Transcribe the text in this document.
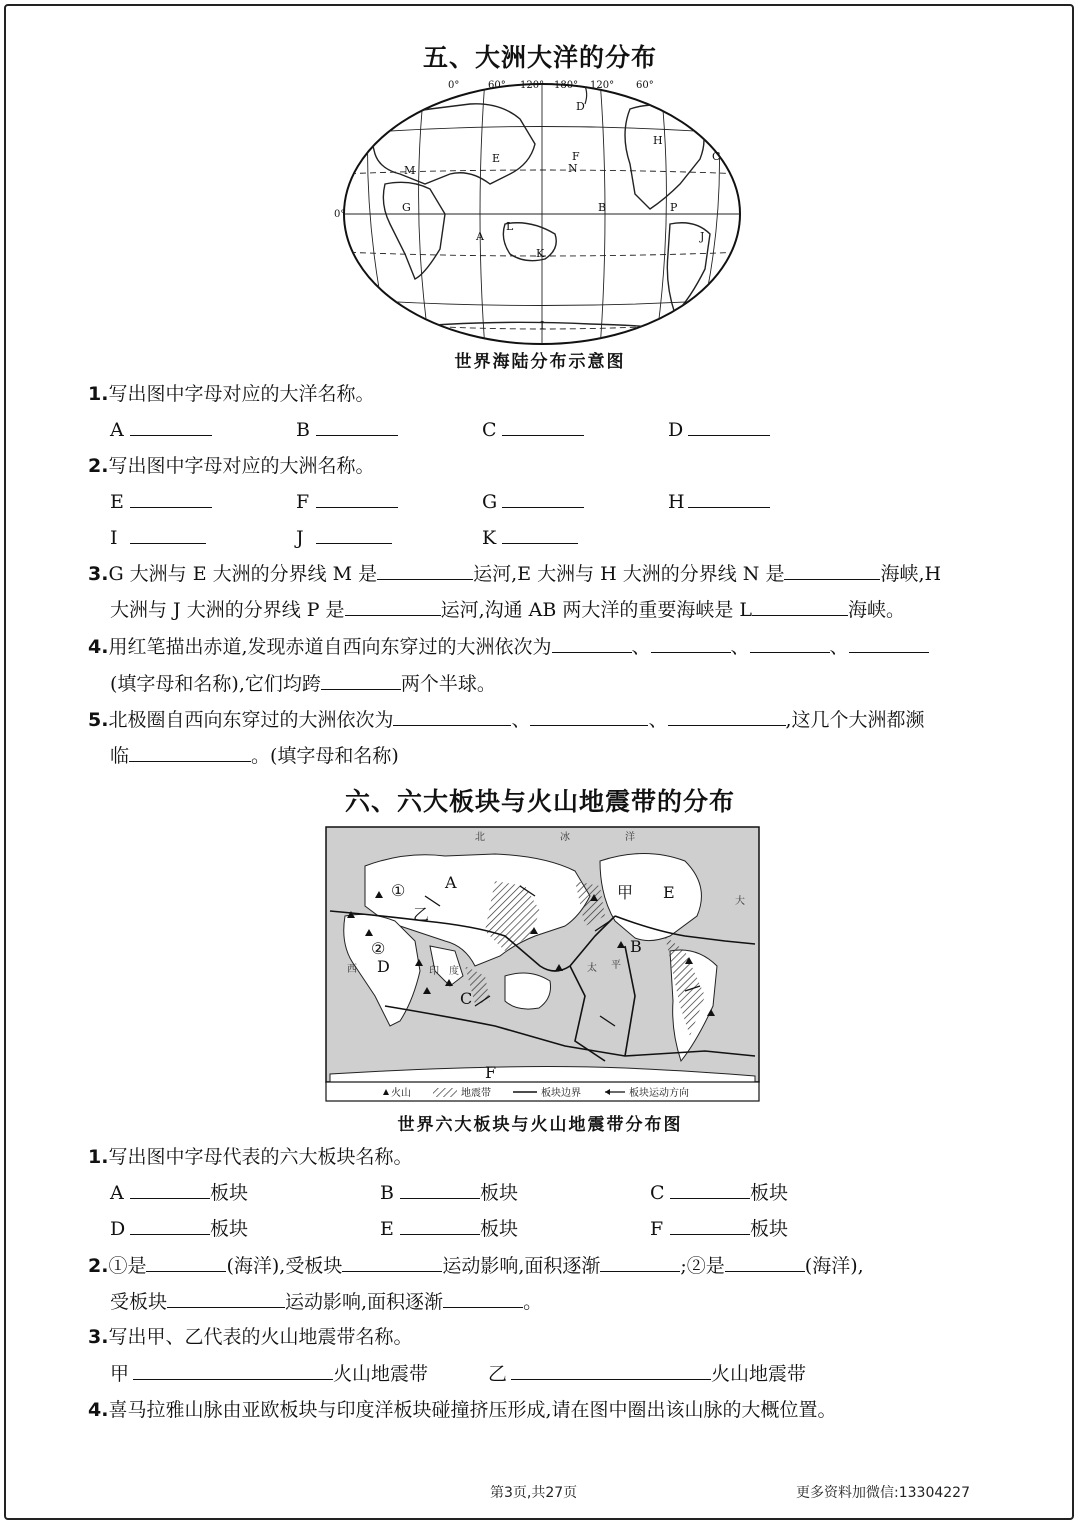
五、大洲大洋的分布
0°	60° 120° 180° 120° 60°
0°
D
H
C
F
E
N
M
B	P
G
A
L
J
K
I
世界海陆分布示意图
1.写出图中字母对应的大洋名称。
A	B	C	D
2.写出图中字母对应的大洲名称。
E	F	G	H
I	J	K
3.G 大洲与 E 大洲的分界线 M 是	运河,E 大洲与 H 大洲的分界线 N 是	海峡,H
大洲与 J 大洲的分界线 P 是	运河,沟通 AB 两大洋的重要海峡是 L	海峡。
4.用红笔描出赤道,发现赤道自西向东穿过的大洲依次为	、	、	、
(填字母和名称),它们均跨	两个半球。
5.北极圈自西向东穿过的大洲依次为	、	、	,这几个大洲都濒
临	。(填字母和名称)
六、六大板块与火山地震带的分布
A
B
C
D
E
F
①
②
乙
甲
北	冰	洋
太 平
大
西	印 度
火山	地震带	板块边界	板块运动方向
世界六大板块与火山地震带分布图
1.写出图中字母代表的六大板块名称。
A	板块	B	板块	C	板块
D	板块	E	板块	F	板块
2.①是	(海洋),受板块	运动影响,面积逐渐	;②是	(海洋),
受板块	运动影响,面积逐渐	。
3.写出甲、乙代表的火山地震带名称。
甲	火山地震带	乙	火山地震带
4.喜马拉雅山脉由亚欧板块与印度洋板块碰撞挤压形成,请在图中圈出该山脉的大概位置。
第3页,共27页	更多资料加微信:13304227
